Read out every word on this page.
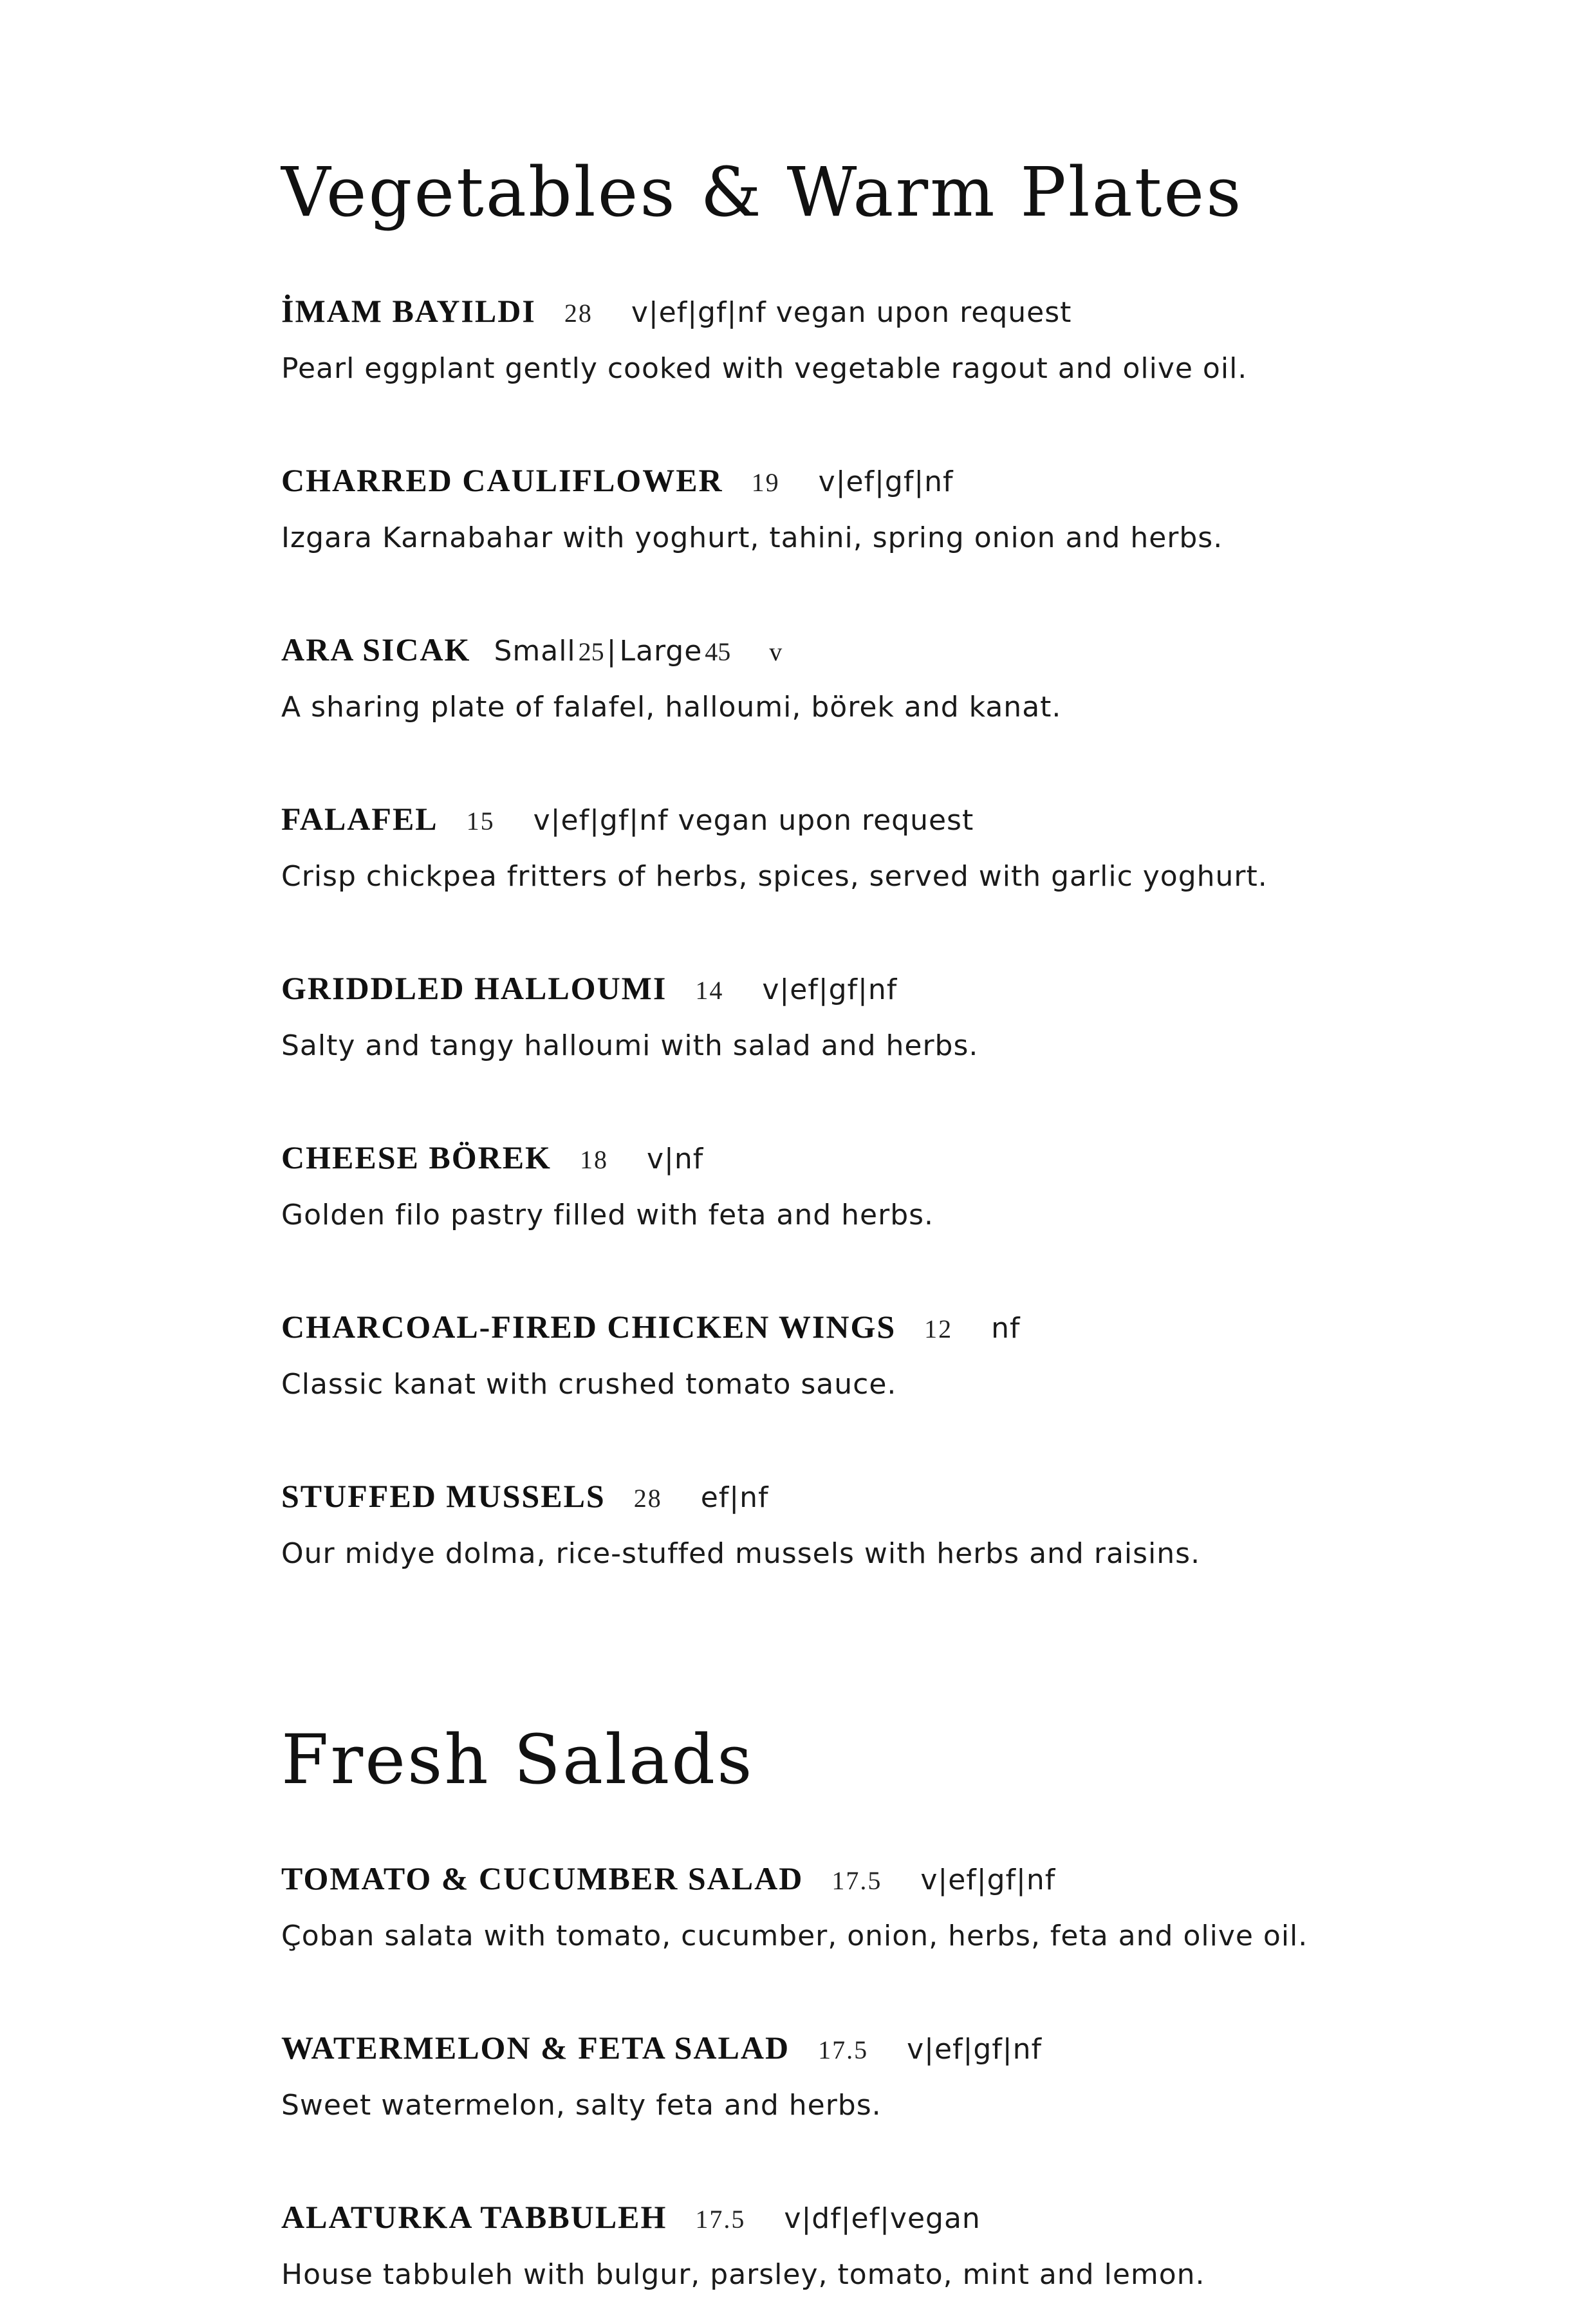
Vegetables & Warm Plates
İMAM BAYILDI 28 v|ef|gf|nf vegan upon request
Pearl eggplant gently cooked with vegetable ragout and olive oil.
CHARRED CAULIFLOWER 19 v|ef|gf|nf
Izgara Karnabahar with yoghurt, tahini, spring onion and herbs.
ARA SICAK Small
25
|
Large
45 v
A sharing plate of falafel, halloumi, börek and kanat.
FALAFEL 15 v|ef|gf|nf vegan upon request
Crisp chickpea fritters of herbs, spices, served with garlic yoghurt.
GRIDDLED HALLOUMI 14 v|ef|gf|nf
Salty and tangy halloumi with salad and herbs.
CHEESE BÖREK 18 v|nf
Golden filo pastry filled with feta and herbs.
CHARCOAL-FIRED CHICKEN WINGS 12 nf
Classic kanat with crushed tomato sauce.
STUFFED MUSSELS 28 ef|nf
Our midye dolma, rice-stuffed mussels with herbs and raisins.
Fresh Salads
TOMATO & CUCUMBER SALAD 17.5 v|ef|gf|nf
Çoban salata with tomato, cucumber, onion, herbs, feta and olive oil.
WATERMELON & FETA SALAD 17.5 v|ef|gf|nf
Sweet watermelon, salty feta and herbs.
ALATURKA TABBULEH 17.5 v|df|ef|vegan
House tabbuleh with bulgur, parsley, tomato, mint and lemon.
